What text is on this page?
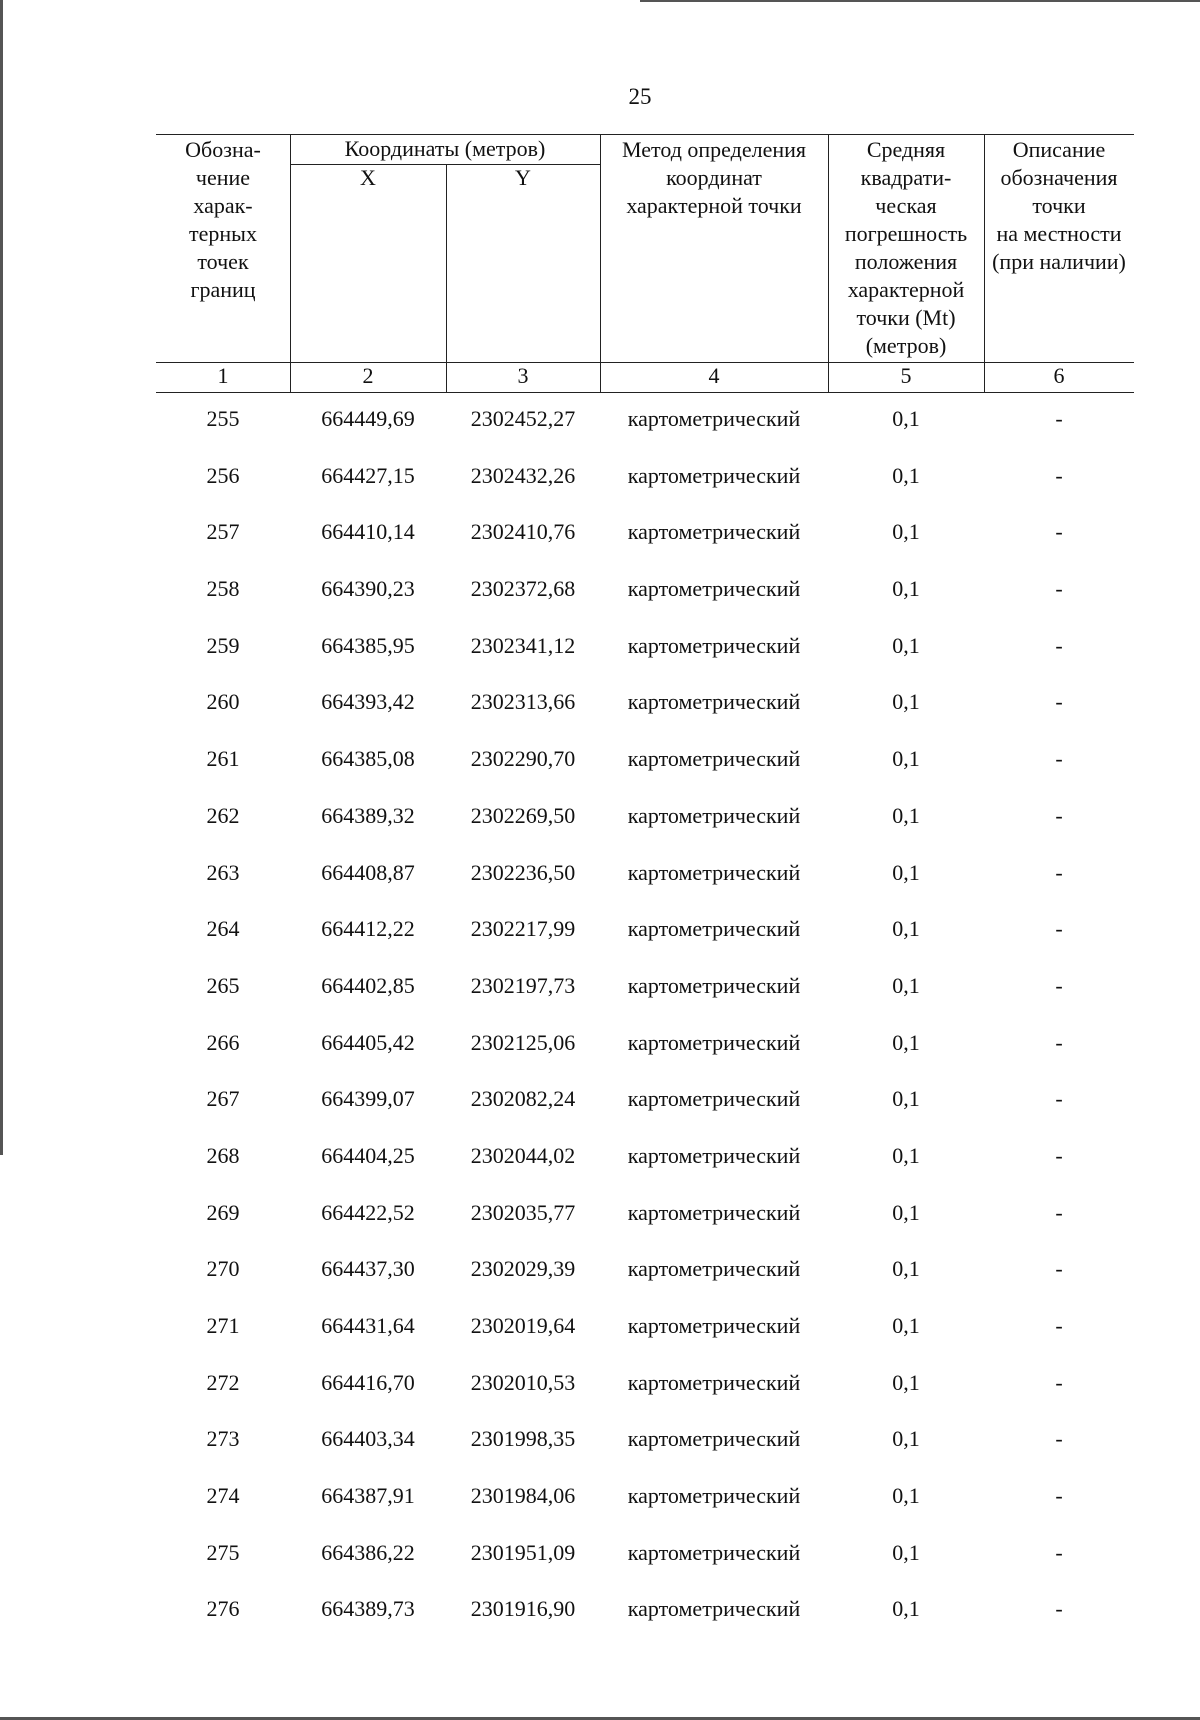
25
Обозна-
чение
харак-
терных
точек
границ
Координаты (метров)
X	Y
Метод определения
координат
характерной точки
Средняя
квадрати-
ческая
погрешность
положения
характерной
точки (Mt)
(метров)
Описание
обозначения
точки
на местности
(при наличии)
1	2	3	4	5	6
255	664449,69	2302452,27	картометрический	0,1	-
256	664427,15	2302432,26	картометрический	0,1	-
257	664410,14	2302410,76	картометрический	0,1	-
258	664390,23	2302372,68	картометрический	0,1	-
259	664385,95	2302341,12	картометрический	0,1	-
260	664393,42	2302313,66	картометрический	0,1	-
261	664385,08	2302290,70	картометрический	0,1	-
262	664389,32	2302269,50	картометрический	0,1	-
263	664408,87	2302236,50	картометрический	0,1	-
264	664412,22	2302217,99	картометрический	0,1	-
265	664402,85	2302197,73	картометрический	0,1	-
266	664405,42	2302125,06	картометрический	0,1	-
267	664399,07	2302082,24	картометрический	0,1	-
268	664404,25	2302044,02	картометрический	0,1	-
269	664422,52	2302035,77	картометрический	0,1	-
270	664437,30	2302029,39	картометрический	0,1	-
271	664431,64	2302019,64	картометрический	0,1	-
272	664416,70	2302010,53	картометрический	0,1	-
273	664403,34	2301998,35	картометрический	0,1	-
274	664387,91	2301984,06	картометрический	0,1	-
275	664386,22	2301951,09	картометрический	0,1	-
276	664389,73	2301916,90	картометрический	0,1	-
